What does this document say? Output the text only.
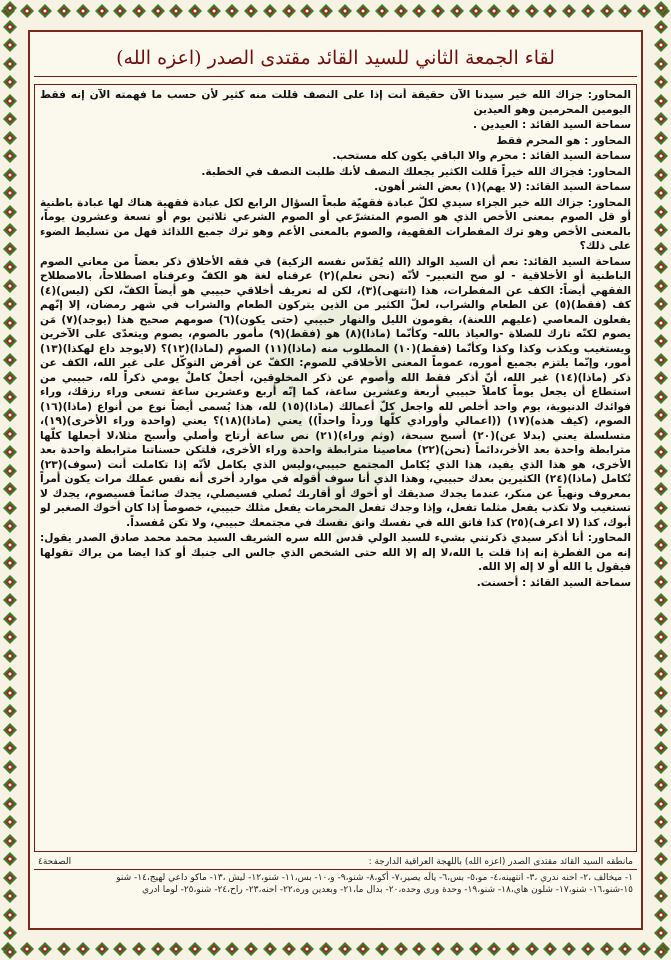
لقاء الجمعة الثاني للسيد القائد مقتدى الصدر (اعزه الله)

المحاور: جزاك الله خير سيدنا الآن حقيقة أنت إذا على النصف قللت منه كثير لأن حسب ما فهمته الآن إنه فقط اليومين المحرمين وهو العيدين

سماحة السيد القائد : العيدين .

المحاور : هو المحرم فقط

سماحة السيد القائد : محرم والا الباقي يكون كله مستحب.

المحاور: فجزاك الله خيراً قللت الكثير بجعلك النصف لأنك طلبت النصف في الخطبة.

سماحة السيد القائد: (لا يهم)(١) بعض الشر أهون.

المحاور: جزاك الله خير الجزاء سيدي لكلّ عبادة فقهيّة طبعاً السؤال الرابع لكل عبادة فقهية هناك لها عبادة باطنية أو قل الصوم بمعنى الأخص الذي هو الصوم المتشرّعي أو الصوم الشرعي ثلاثين يوم أو تسعة وعشرون يوماً، بالمعنى الأخص وهو ترك المفطرات الفقهية، والصوم بالمعنى الأعم وهو ترك جميع اللذائذ فهل من تسليط الضوء على ذلك؟

سماحة السيد القائد: نعم أن السيد الوالد (الله يُقدّس نفسه الزكية) في فقه الأخلاق ذكر بعضاً من معاني الصوم الباطنية أو الأخلاقية - لو صح التعبير- لأنّه (نحن نعلم)(٢) عرفناه لغة هو الكفّ وعرفناه اصطلاحاً، بالاصطلاح الفقهي أيضاً: الكف عن المفطرات، هذا (انتهى)(٣)، لكن له تعريف أخلاقي حبيبي هو أيضاً الكفّ، لكن (ليس)(٤) كف (فقط)(٥) عن الطعام والشراب، لعلّ الكثير من الذين يتركون الطعام والشراب في شهر رمضان، إلا إنّهم يفعلون المعاصي (عليهم اللعنة)، يقومون الليل والنهار حبيبي (حتى يكون)(٦) صومهم صحيح هذا (يوجد)(٧) مَن يصوم لكنّه تارك للصلاة -والعياذ بالله- وكأنّما (ماذا)(٨) هو (فقط)(٩) مأمور بالصوم، يصوم ويتعدّى على الآخرين ويستغيب ويكذب وكذا وكذا وكأنّما (فقط)(١٠) المطلوب منه (ماذا)(١١) الصوم (لماذا)(١٢)؟ (لايوجد داع لهكذا)(١٣) أمور، وإنّما يلتزم بجميع أموره، عموماً المعنى الأخلاقي للصوم: الكفّ عن أفرض التوكّل على غير الله، الكف عن ذكر (ماذا)(١٤) غير الله، أنّ أذكر فقط الله وأصوم عن ذكر المخلوقين، أجعلْ كاملْ يومي ذكراً لله، حبيبي من استطاع أن يجعل يوماً كاملاً حبيبي أربعة وعشرين ساعة، كما إنّه أربع وعشرين ساعة تسعى وراء رزقك، وراء فوائدك الدنيوية، يوم واحد أخلص لله واجعل كلّ أعمالك (ماذا)(١٥) لله، هذا يُسمى أيضاً نوع من أنواع (ماذا)(١٦) الصوم، (كيف هذه)(١٧) ((اعمالي وأورادي كلّها ورداً واحداً)) يعني (ماذا)(١٨)؟ يعني (واحدة وراء الأخرى)(١٩)، متسلسلة يعني (بدلا عن)(٢٠) أسبح سبحة، (وثم وراء)(٢١) نص ساعة أرتاح وأصلي وأسبح مثلا،لا أجعلها كلّها مترابطة واحدة بعد الأخر،دائماً (نحن)(٢٢) معاصينا مترابطة واحدة وراء الأخرى، فلتكن حسناتنا مترابطة واحدة بعد الأخرى، هو هذا الذي يفيد، هذا الذي يُكامل المجتمع حبيبي،وليس الذي يكامل لأنّه إذا تكاملت أنت (سوف)(٢٣) تُكامل (ماذا)(٢٤) الكثيرين بعدك حبيبي، وهذا الذي أنا سوف أقوله في موارد أخرى أنه نفس عملك مرات يكون أمراً بمعروف ونهياً عن منكر، عندما يجدك صديقك أو أخوك أو أقاربك تُصلي فسيصلي، يجدك صائماً فسيصوم، يجدك لا تستغيب ولا تكذب يفعل مثلما تفعل، وإذا وجدك تفعل المحرمات يفعل مثلك حبيبي، خصوصاً إذا كان أخوك الصغير لو أبوك، كذا (لا اعرف)(٢٥) كذا فاتق الله في نفسك واتق نفسك في مجتمعك حبيبي، ولا تكن مُفسداً.

المحاور: أنا أذكر سيدي ذكرتني بشيء للسيد الولي قدس الله سره الشريف السيد محمد محمد صادق الصدر يقول: إنه من الفطرة إنه إذا قلت يا الله،لا إله إلا الله حتى الشخص الذي جالس الى جنبك أو كذا ايضا من يراك تقولها فيقول يا الله أو لا إله إلا الله.

سماحة السيد القائد : أحسنت.

مانطقه السيد القائد مقتدى الصدر (اعزه الله) باللهجة العراقية الدارجة :
الصفحة٤
١- ميخالف ،٢- احنه ندري ،٣- انتهينه،٤- مو،٥- بس،٦- يالَه يصير،٧- أكو،٨- شنو،٩- و،١٠- بس،١١- شنو،١٢- ليش ،١٣- ماكو داعي لهيج،١٤- شنو
١٥-شنو،١٦- شنو،١٧- شلون هاي،١٨- شنو،١٩- وحدة ورى وحده،٢٠- بدال ما،٢١- وبعدين وره،٢٢- احنه،٢٣- راح،٢٤- شنو،٢٥- لوما ادري
